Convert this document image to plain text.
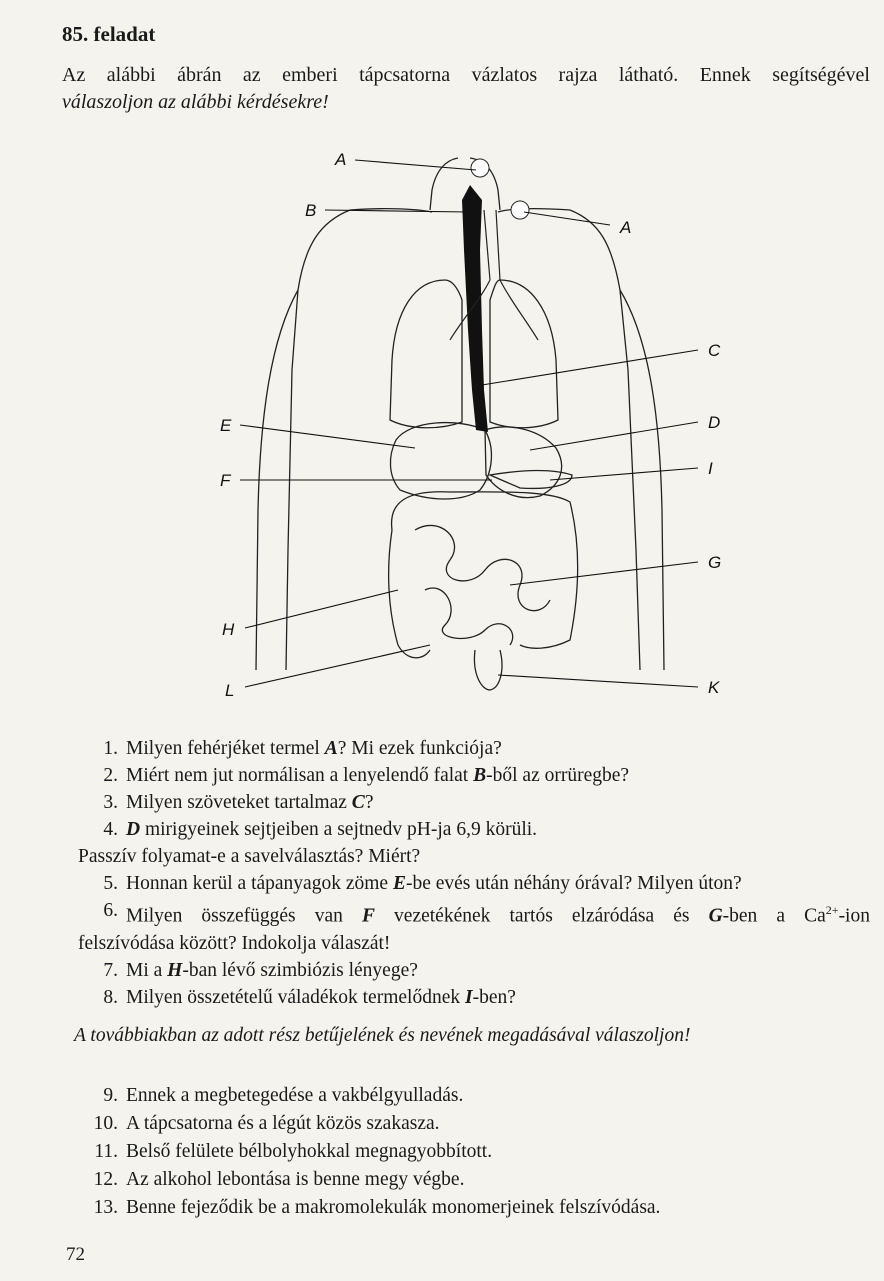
85. feladat
Az alábbi ábrán az emberi tápcsatorna vázlatos rajza látható. Ennek segítségével
válaszoljon az alábbi kérdésekre!
A
B
A
C
E	D
F
I
G
H
L	K
1. Milyen fehérjéket termel A? Mi ezek funkciója?
2. Miért nem jut normálisan a lenyelendő falat B-ből az orrüregbe?
3. Milyen szöveteket tartalmaz C?
4. D mirigyeinek sejtjeiben a sejtnedv pH-ja 6,9 körüli.
Passzív folyamat-e a savelválasztás? Miért?
5. Honnan kerül a tápanyagok zöme E-be evés után néhány órával? Milyen úton?
6. Milyen összefüggés van F vezetékének tartós elzáródása és G-ben a $Ca^{2+}$-ion
felszívódása között? Indokolja válaszát!
7. Mi a H-ban lévő szimbiózis lényege?
8. Milyen összetételű váladékok termelődnek I-ben?
A továbbiakban az adott rész betűjelének és nevének megadásával válaszoljon!
9. Ennek a megbetegedése a vakbélgyulladás.
10. A tápcsatorna és a légút közös szakasza.
11. Belső felülete bélbolyhokkal megnagyobbított.
12. Az alkohol lebontása is benne megy végbe.
13. Benne fejeződik be a makromolekulák monomerjeinek felszívódása.
72
